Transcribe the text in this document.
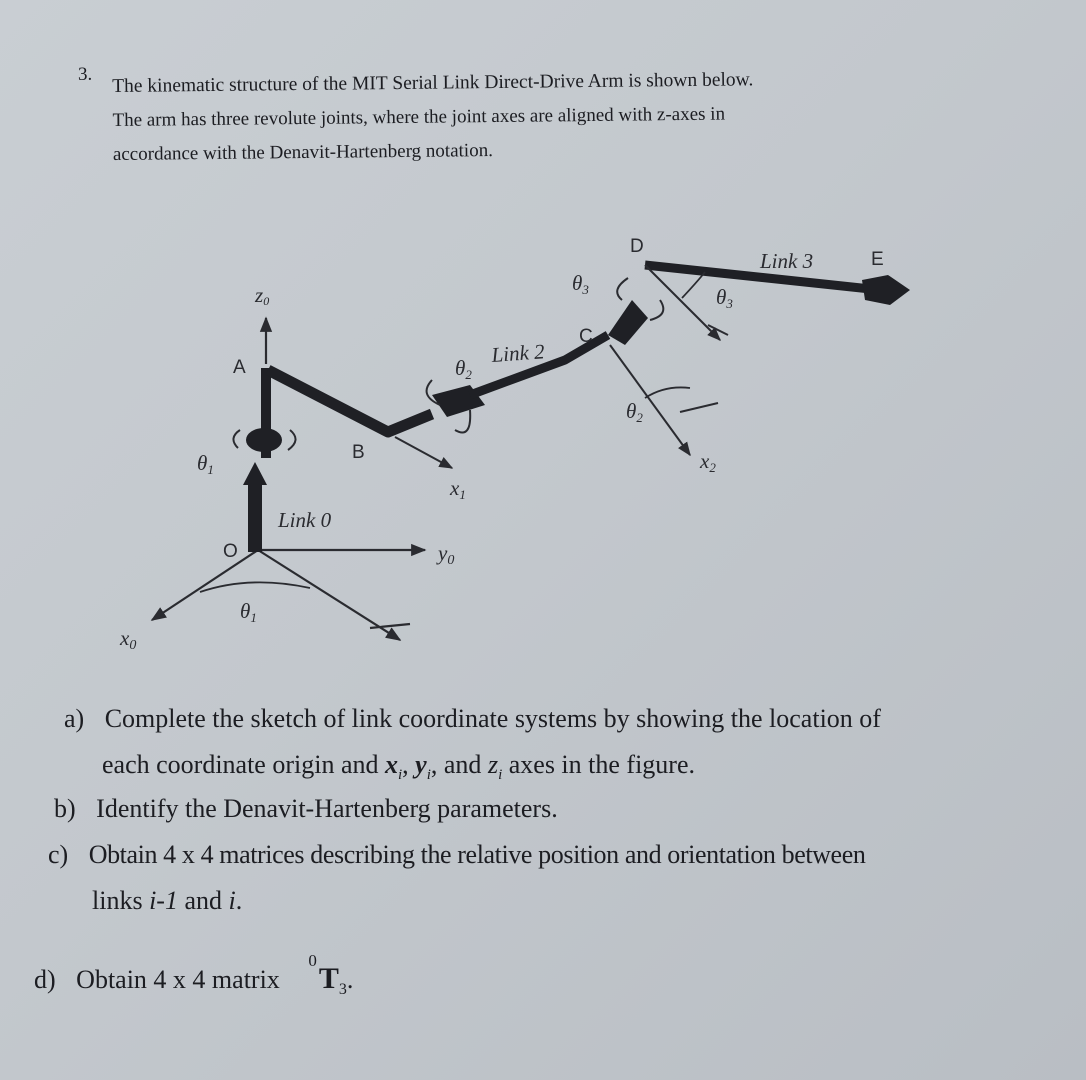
3. The kinematic structure of the MIT Serial Link Direct-Drive Arm is shown below.
The arm has three revolute joints, where the joint axes are aligned with z-axes in
accordance with the Denavit-Hartenberg notation.
A
B
C
D
E
O
Link 0
Link 2
Link 3
z0
y0
x0
x1
x2
θ1
θ1
θ2
θ2
θ3	θ3
a) Complete the sketch of link coordinate systems by showing the location of
each coordinate origin and $x_i$, $y_i$, and $z_i$ axes in the figure.
b) Identify the Denavit-Hartenberg parameters.
c) Obtain 4 x 4 matrices describing the relative position and orientation between
links i-1 and i.
d) Obtain 4 x 4 matrix $^0T_3$.
